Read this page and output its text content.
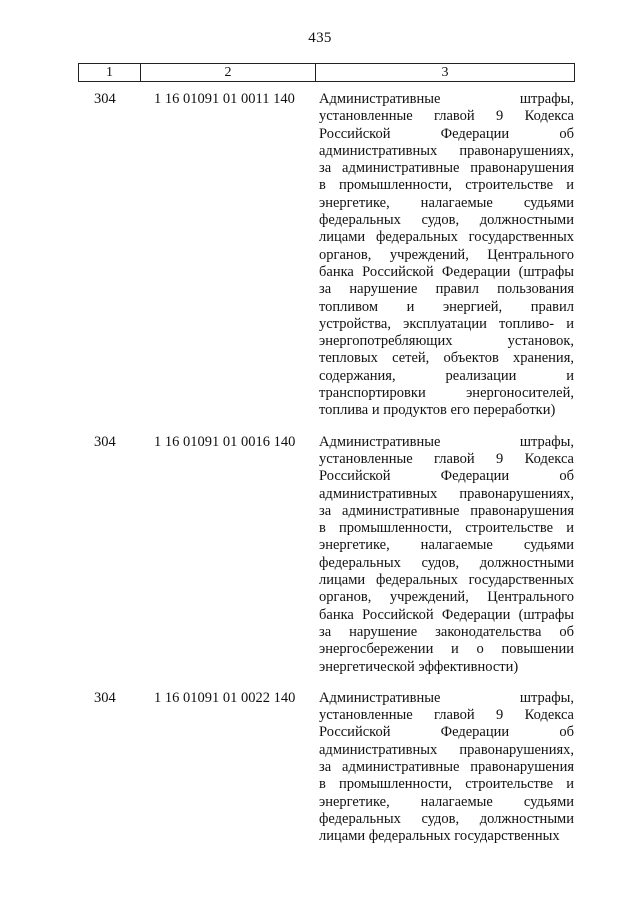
435
1	2	3
304	1 16 01091 01 0011 140	Административные штрафы,
установленные главой 9 Кодекса
Российской Федерации об
административных правонарушениях,
за административные правонарушения
в промышленности, строительстве и
энергетике, налагаемые судьями
федеральных судов, должностными
лицами федеральных государственных
органов, учреждений, Центрального
банка Российской Федерации (штрафы
за нарушение правил пользования
топливом и энергией, правил
устройства, эксплуатации топливо- и
энергопотребляющих установок,
тепловых сетей, объектов хранения,
содержания, реализации и
транспортировки энергоносителей,
топлива и продуктов его переработки)
304	1 16 01091 01 0016 140	Административные штрафы,
установленные главой 9 Кодекса
Российской Федерации об
административных правонарушениях,
за административные правонарушения
в промышленности, строительстве и
энергетике, налагаемые судьями
федеральных судов, должностными
лицами федеральных государственных
органов, учреждений, Центрального
банка Российской Федерации (штрафы
за нарушение законодательства об
энергосбережении и о повышении
энергетической эффективности)
304	1 16 01091 01 0022 140	Административные штрафы,
установленные главой 9 Кодекса
Российской Федерации об
административных правонарушениях,
за административные правонарушения
в промышленности, строительстве и
энергетике, налагаемые судьями
федеральных судов, должностными
лицами федеральных государственных
